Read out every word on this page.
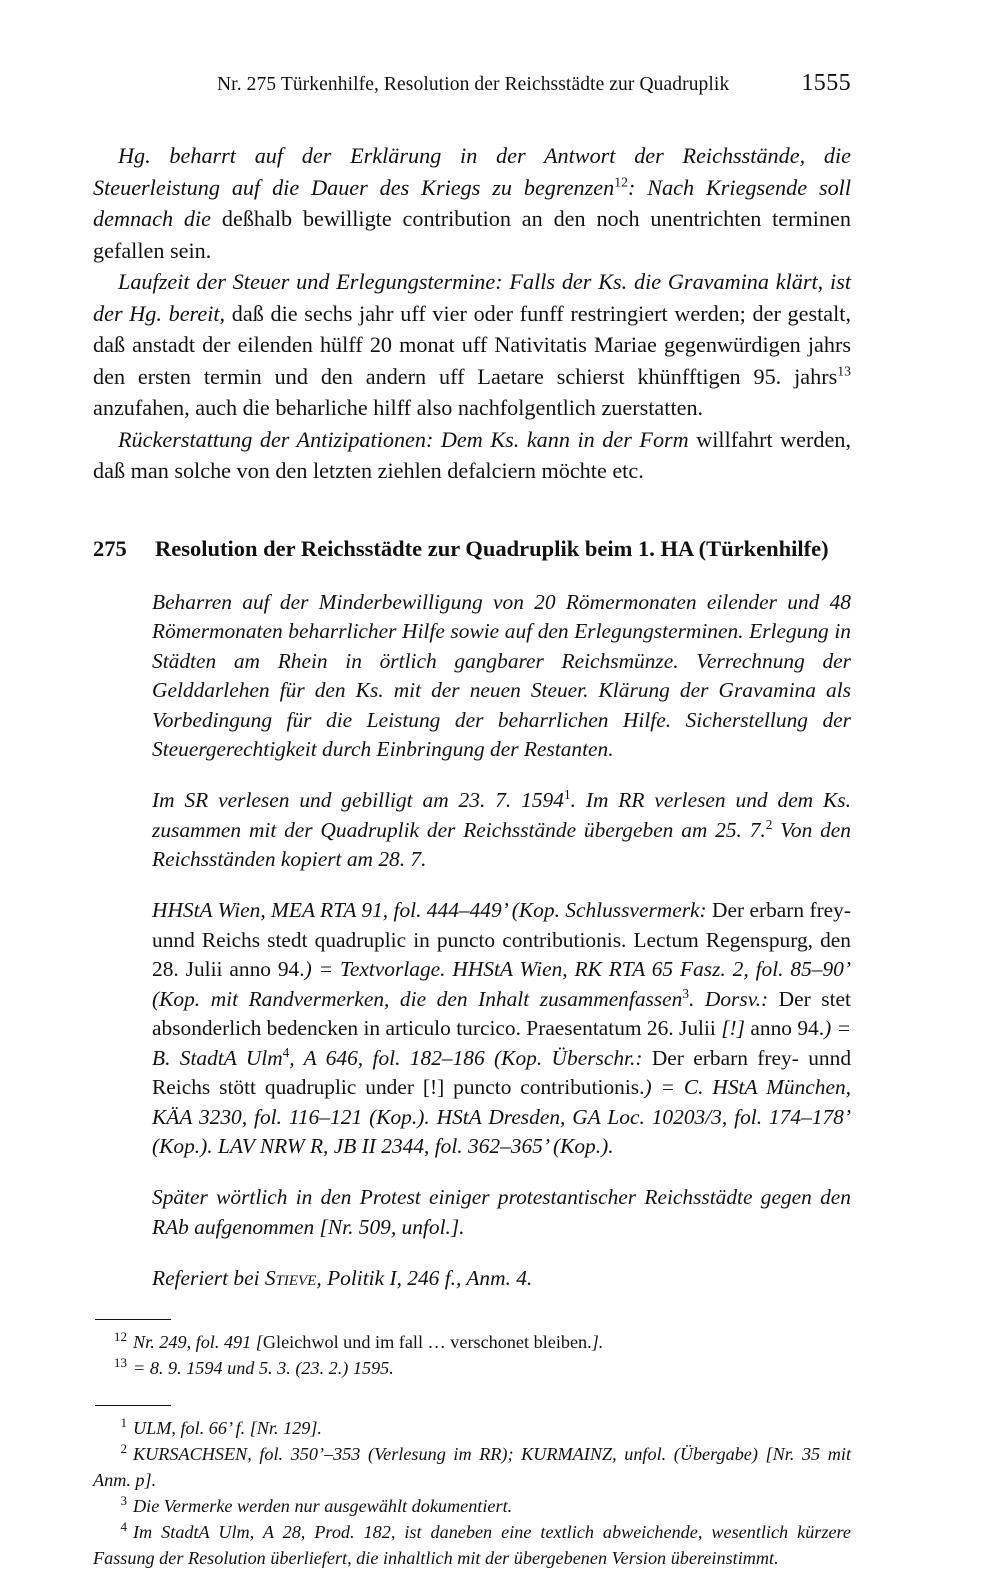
Nr. 275 Türkenhilfe, Resolution der Reichsstädte zur Quadruplik	1555

Hg. beharrt auf der Erklärung in der Antwort der Reichsstände, die Steuerleistung auf die Dauer des Kriegs zu begrenzen$^{12}$: Nach Kriegsende soll demnach die deßhalb bewilligte contribution an den noch unentrichten terminen gefallen sein.

Laufzeit der Steuer und Erlegungstermine: Falls der Ks. die Gravamina klärt, ist der Hg. bereit, daß die sechs jahr uff vier oder funff restringiert werden; der gestalt, daß anstadt der eilenden hülff 20 monat uff Nativitatis Mariae gegenwürdigen jahrs den ersten termin und den andern uff Laetare schierst khünfftigen 95. jahrs$^{13}$ anzufahen, auch die beharliche hilff also nachfolgentlich zuerstatten.

Rückerstattung der Antizipationen: Dem Ks. kann in der Form willfahrt werden, daß man solche von den letzten ziehlen defalciern möchte etc.

275	Resolution der Reichsstädte zur Quadruplik beim 1. HA (Türkenhilfe)

Beharren auf der Minderbewilligung von 20 Römermonaten eilender und 48 Römermonaten beharrlicher Hilfe sowie auf den Erlegungsterminen. Erlegung in Städten am Rhein in örtlich gangbarer Reichsmünze. Verrechnung der Gelddarlehen für den Ks. mit der neuen Steuer. Klärung der Gravamina als Vorbedingung für die Leistung der beharrlichen Hilfe. Sicherstellung der Steuergerechtigkeit durch Einbringung der Restanten.

Im SR verlesen und gebilligt am 23. 7. 1594$^1$. Im RR verlesen und dem Ks. zusammen mit der Quadruplik der Reichsstände übergeben am 25. 7.$^2$ Von den Reichsständen kopiert am 28. 7.

HHStA Wien, MEA RTA 91, fol. 444–449’ (Kop. Schlussvermerk: Der erbarn frey- unnd Reichs stedt quadruplic in puncto contributionis. Lectum Regenspurg, den 28. Julii anno 94.) = Textvorlage. HHStA Wien, RK RTA 65 Fasz. 2, fol. 85–90’ (Kop. mit Randvermerken, die den Inhalt zusammenfassen$^3$. Dorsv.: Der stet absonderlich bedencken in articulo turcico. Praesentatum 26. Julii [!] anno 94.) = B. StadtA Ulm$^4$, A 646, fol. 182–186 (Kop. Überschr.: Der erbarn frey- unnd Reichs stött quadruplic under [!] puncto contributionis.) = C. HStA München, KÄA 3230, fol. 116–121 (Kop.). HStA Dresden, GA Loc. 10203/3, fol. 174–178’ (Kop.). LAV NRW R, JB II 2344, fol. 362–365’ (Kop.).

Später wörtlich in den Protest einiger protestantischer Reichsstädte gegen den RAb aufgenommen [Nr. 509, unfol.].

Referiert bei Stieve, Politik I, 246 f., Anm. 4.

12 Nr. 249, fol. 491 [Gleichwol und im fall … verschonet bleiben.].

13 = 8. 9. 1594 und 5. 3. (23. 2.) 1595.

1 ULM, fol. 66’ f. [Nr. 129].

2 KURSACHSEN, fol. 350’–353 (Verlesung im RR); KURMAINZ, unfol. (Übergabe) [Nr. 35 mit Anm. p].

3 Die Vermerke werden nur ausgewählt dokumentiert.

4 Im StadtA Ulm, A 28, Prod. 182, ist daneben eine textlich abweichende, wesentlich kürzere Fassung der Resolution überliefert, die inhaltlich mit der übergebenen Version übereinstimmt.
